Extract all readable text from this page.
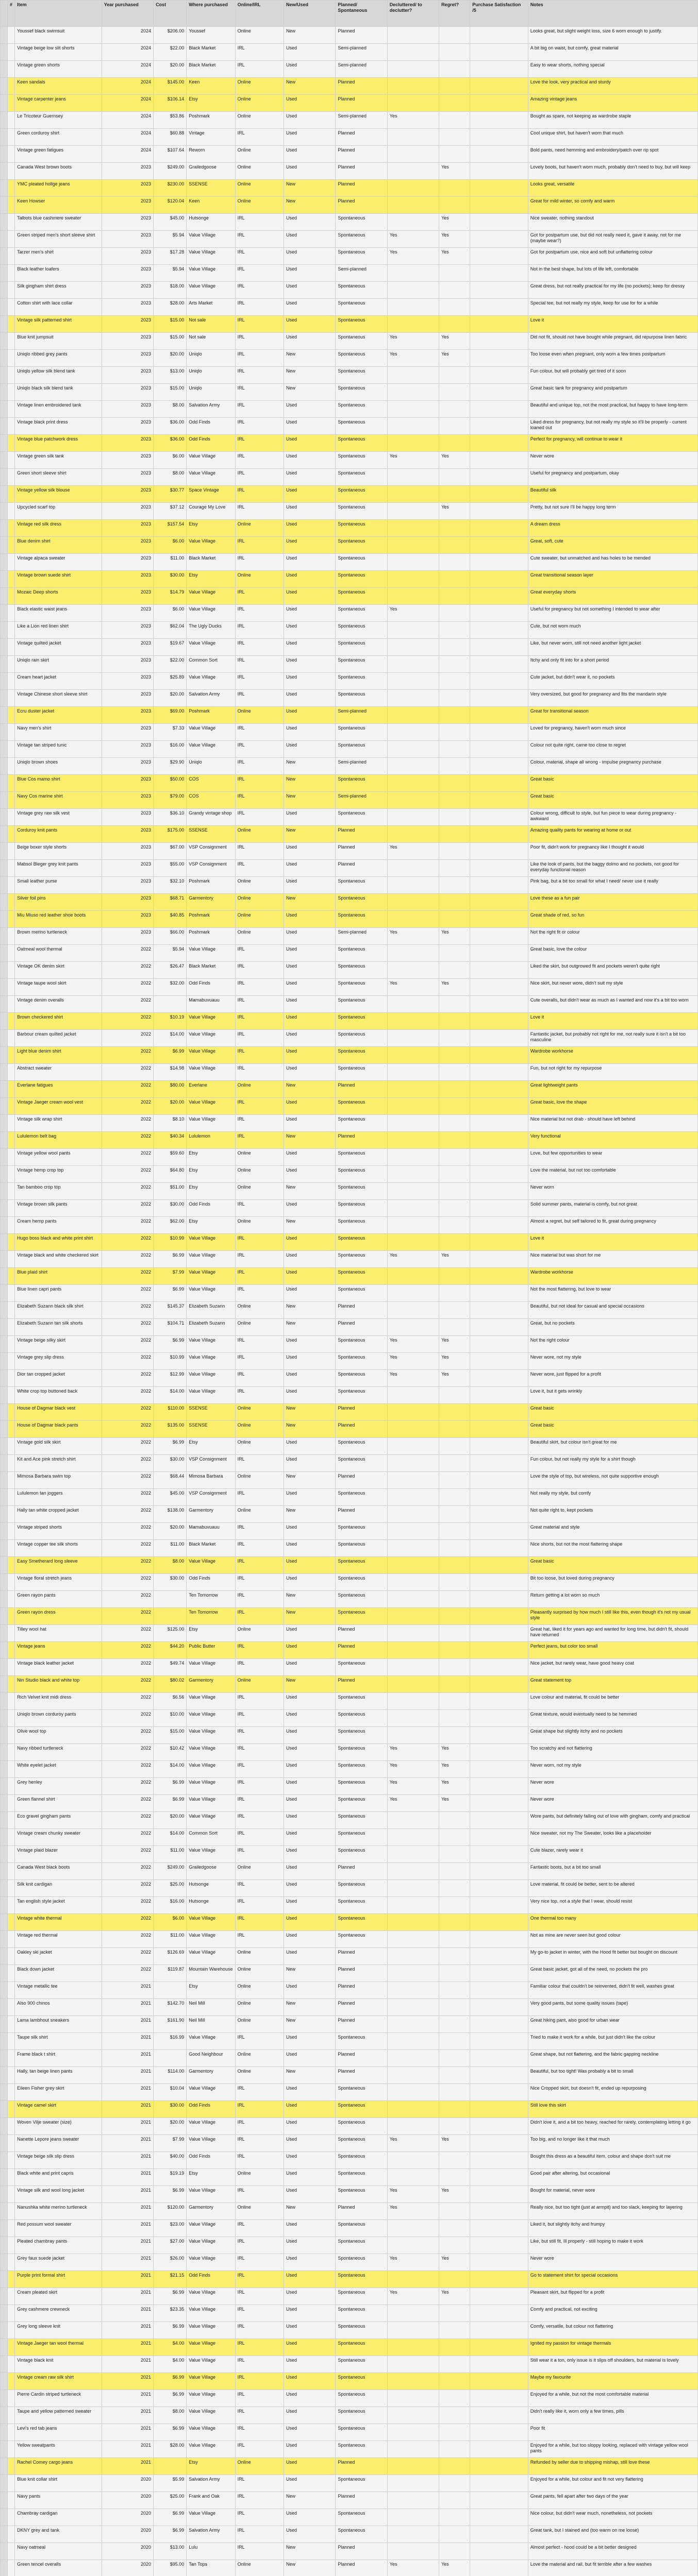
	#	Item	Year purchased	Cost	Where purchased	Online/IRL	New/Used	Planned/ Spontaneous	Decluttered/ to declutter?	Regret?	Purchase Satisfaction /5	Notes
		Youssef black swimsuit	2024	$206.00	Youssef	Online	New	Planned				Looks great, but slight weight loss, size 6 worn enough to justify.
		Vintage beige low slit shorts	2024	$22.00	Black Market	IRL	Used	Semi-planned				A bit big on waist, but comfy, great material
		Vintage green shorts	2024	$20.00	Black Market	IRL	Used	Semi-planned				Easy to wear shorts, nothing special
		Keen sandals	2024	$145.00	Keen	Online	New	Planned				Love the look, very practical and sturdy
		Vintage carpenter jeans	2024	$106.14	Etsy	Online	Used	Planned				Amazing vintage jeans
		Le Tricoteur Guernsey	2024	$53.86	Poshmark	Online	Used	Semi-planned	Yes			Bought as spare, not keeping as wardrobe staple
		Green corduroy shirt	2024	$60.88	Vintage	IRL	Used	Planned				Cool unique shirt, but haven't worn that much
		Vintage green fatigues	2024	$107.64	Reworn	Online	Used	Planned				Bold pants, need hemming and embroidery/patch over rip spot
		Canada West brown boots	2023	$249.00	Grailedgoose	Online	Used	Planned		Yes		Lovely boots, but haven't worn much, probably don't need to buy, but will keep
		YMC pleated hollge jeans	2023	$230.00	SSENSE	Online	New	Planned				Looks great, versatile
		Keen Howser	2023	$120.04	Keen	Online	New	Planned				Great for mild winter, so comfy and warm
		Talbots blue cashmere sweater	2023	$45.00	Hutsonge	IRL	Used	Spontaneous		Yes		Nice sweater, nothing standout
		Green striped men's short sleeve shirt	2023	$5.94	Value Village	IRL	Used	Spontaneous	Yes	Yes		Got for postpartum use, but did not really need it, gave it away, not for me (maybe wear?)
		Tarzer men's shirt	2023	$17.28	Value Village	IRL	Used	Spontaneous	Yes	Yes		Got for postpartum use, nice and soft but unflattering colour
		Black leather loafers	2023	$5.94	Value Village	IRL	Used	Semi-planned				Not in the best shape, but lots of life left, comfortable
		Silk gingham shirt dress	2023	$18.00	Value Village	IRL	Used	Spontaneous				Great dress, but not really practical for my life (no pockets); keep for dressy
		Cotton shirt with lace collar	2023	$28.00	Arts Market	IRL	Used	Spontaneous				Special tee, but not really my style, keep for use for for a while
		Vintage silk patterned shirt	2023	$15.00	Not sale	IRL	Used	Spontaneous				Love it
		Blue knit jumpsuit	2023	$15.00	Not sale	IRL	Used	Spontaneous	Yes	Yes		Did not fit, should not have bought while pregnant, did repurpose linen fabric
		Uniqlo ribbed grey pants	2023	$20.00	Uniqlo	IRL	New	Spontaneous	Yes	Yes		Too loose even when pregnant, only worn a few times postpartum
		Uniqlo yellow silk blend tank	2023	$13.00	Uniqlo	IRL	New	Spontaneous				Fun colour, but will probably get tired of it soon
		Uniqlo black silk blend tank	2023	$15.00	Uniqlo	IRL	New	Spontaneous				Great basic tank for pregnancy and postpartum
		Vintage linen embroidered tank	2023	$8.00	Salvation Army	IRL	Used	Spontaneous				Beautiful and unique top, not the most practical, but happy to have long-term
		Vintage black print dress	2023	$36.00	Odd Finds	IRL	Used	Spontaneous				Liked dress for pregnancy, but not really my style so it'll be properly - current loaned out
		Vintage blue patchwork dress	2023	$36.00	Odd Finds	IRL	Used	Spontaneous				Perfect for pregnancy, will continue to wear it
		Vintage green silk tank	2023	$6.00	Value Village	IRL	Used	Spontaneous	Yes	Yes		Never wore
		Green short sleeve shirt	2023	$8.00	Value Village	IRL	Used	Spontaneous				Useful for pregnancy and postpartum, okay
		Vintage yellow silk blouse	2023	$30.77	Space Vintage	IRL	Used	Spontaneous				Beautiful silk
		Upcycled scarf top	2023	$37.12	Courage My Love	IRL	Used	Spontaneous		Yes		Pretty, but not sure I'll be happy long term
		Vintage red silk dress	2023	$157.54	Etsy	Online	Used	Spontaneous				A dream dress
		Blue denim shirt	2023	$6.00	Value Village	IRL	Used	Spontaneous				Great, soft, cute
		Vintage alpaca sweater	2023	$11.00	Black Market	IRL	Used	Spontaneous				Cute sweater, but unmatched and has holes to be mended
		Vintage brown suede shirt	2023	$30.00	Etsy	Online	Used	Spontaneous				Great transitional season layer
		Mozaic Deep shorts	2023	$14.79	Value Village	IRL	Used	Spontaneous				Great everyday shorts
		Black elastic waist jeans	2023	$6.00	Value Village	IRL	Used	Spontaneous	Yes			Useful for pregnancy but not something I intended to wear after
		Like a Lion red linen shirt	2023	$62.04	The Ugly Ducks	IRL	Used	Spontaneous				Cute, but not worn much
		Vintage quilted jacket	2023	$19.67	Value Village	IRL	Used	Spontaneous				Like, but never worn, still not need another light jacket
		Uniqlo rain skirt	2023	$22.00	Common Sort	IRL	Used	Spontaneous				Itchy and only fit into for a short period
		Cream heart jacket	2023	$25.89	Value Village	IRL	Used	Spontaneous				Cute jacket, but didn't wear it, no pockets
		Vintage Chinese short sleeve shirt	2023	$20.00	Salvation Army	IRL	Used	Spontaneous				Very oversized, but good for pregnancy and fits the mandarin style
		Ecru duster jacket	2023	$69.00	Poshmark	Online	Used	Semi-planned				Great for transitional season
		Navy men's shirt	2023	$7.33	Value Village	IRL	Used	Spontaneous				Loved for pregnancy, haven't worn much since
		Vintage tan striped tunic	2023	$16.00	Value Village	IRL	Used	Spontaneous				Colour not quite right, came too close to regret
		Uniqlo brown shoes	2023	$29.90	Uniqlo	IRL	New	Semi-planned				Colour, material, shape all wrong - impulse pregnancy purchase
		Blue Cos mamo shirt	2023	$50.00	COS	IRL	New	Spontaneous				Great basic
		Navy Cos marine shirt	2023	$79.00	COS	IRL	New	Semi-planned				Great basic
		Vintage grey raw silk vest	2023	$36.10	Grandy vintage shop	IRL	Used	Spontaneous				Colour wrong, difficult to style, but fun piece to wear during pregnancy - awkward
		Corduroy knit pants	2023	$175.00	SSENSE	Online	New	Planned				Amazing quality pants for wearing at home or out
		Beige boxer style shorts	2023	$67.00	VSP Consignment	IRL	Used	Planned	Yes			Poor fit, didn't work for pregnancy like I thought it would
		Mabsol Bleger grey knit pants	2023	$55.00	VSP Consignment	IRL	Used	Planned				Like the look of pants, but the baggy dolmo and no pockets, not good for everyday functional reason
		Small leather purse	2023	$32.10	Poshmark	Online	Used	Spontaneous				Pink bag, but a bit too small for what I need/ never use it really
		Silver foil pins	2023	$68.71	Garmentory	Online	New	Spontaneous				Love these as a fun pair
		Miu Miuso red leather shoe boots	2023	$40.85	Poshmark	Online	Used	Spontaneous				Great shade of red, so fun
		Brown merino turtleneck	2023	$66.00	Poshmark	Online	Used	Semi-planned	Yes	Yes		Not the right fit or colour
		Oatmeal wool thermal	2022	$5.94	Value Village	IRL	Used	Spontaneous				Great basic, love the colour
		Vintage OK denim skirt	2022	$26.47	Black Market	IRL	Used	Spontaneous				Liked the skirt, but outgrowed fit and pockets weren't quite right
		Vintage taupe wool skirt	2022	$32.00	Odd Finds	IRL	Used	Spontaneous	Yes	Yes		Nice skirt, but never wore, didn't suit my style
		Vintage denim overalls	2022		Mamabuvuauu	IRL	Used	Spontaneous				Cute overalls, but didn't wear as much as I wanted and now it's a bit too worn
		Brown checkered shirt	2022	$10.19	Value Village	IRL	Used	Spontaneous				Love it
		Barbour cream quilted jacket	2022	$14.00	Value Village	IRL	Used	Spontaneous				Fantastic jacket, but probably not right for me, not really sure it isn't a bit too masculine
		Light blue denim shirt	2022	$6.99	Value Village	IRL	Used	Spontaneous				Wardrobe workhorse
		Abstract sweater	2022	$14.98	Value Village	IRL	Used	Spontaneous				Fun, but not right for my repurpose
		Everlane fatigues	2022	$80.00	Everlane	Online	New	Planned				Great lightweight pants
		Vintage Jaeger cream wool vest	2022	$20.00	Value Village	IRL	Used	Spontaneous				Great basic, love the shape
		Vintage silk wrap shirt	2022	$8.10	Value Village	IRL	Used	Spontaneous				Nice material but not drab - should have left behind
		Lululemon belt bag	2022	$40.34	Lululemon	IRL	New	Planned				Very functional
		Vintage yellow wool pants	2022	$59.60	Etsy	Online	Used	Spontaneous				Love, but few opportunities to wear
		Vintage hemp crop top	2022	$64.80	Etsy	Online	Used	Spontaneous				Love the material, but not too comfortable
		Tan bamboo crop top	2022	$51.00	Etsy	Online	New	Spontaneous				Never worn
		Vintage brown silk pants	2022	$30.00	Odd Finds	IRL	Used	Spontaneous				Solid summer pants, material is comfy, but not great
		Cream hemp pants	2022	$62.00	Etsy	Online	New	Spontaneous				Almost a regret, but self tailored to fit, great during pregnancy
		Hugo boss black and white print shirt	2022	$10.99	Value Village	IRL	Used	Spontaneous				Love it
		Vintage black and white checkered skirt	2022	$6.99	Value Village	IRL	Used	Spontaneous	Yes	Yes		Nice material but was short for me
		Blue plaid shirt	2022	$7.99	Value Village	IRL	Used	Spontaneous				Wardrobe workhorse
		Blue linen capri pants	2022	$6.99	Value Village	IRL	Used	Spontaneous				Not the most flattering, but love to wear
		Elizabeth Suzann black silk shirt	2022	$145.37	Elizabeth Suzann	Online	New	Planned				Beautiful, but not ideal for casual and special occasions
		Elizabeth Suzann tan silk shorts	2022	$104.71	Elizabeth Suzann	Online	New	Planned				Great, but no pockets
		Vintage beige silky skirt	2022	$6.99	Value Village	IRL	Used	Spontaneous	Yes	Yes		Not the right colour
		Vintage grey slip dress	2022	$10.99	Value Village	IRL	Used	Spontaneous	Yes	Yes		Never wore, not my style
		Dior tan cropped jacket	2022	$12.99	Value Village	IRL	Used	Spontaneous	Yes	Yes		Never wore, just flipped for a profit
		White crop top buttoned back	2022	$14.00	Value Village	IRL	Used	Spontaneous				Love it, but it gets wrinkly
		House of Dagmar black vest	2022	$110.00	SSENSE	Online	New	Planned				Great basic
		House of Dagmar black pants	2022	$135.00	SSENSE	Online	New	Planned				Great basic
		Vintage gold silk skirt	2022	$6.99	Etsy	Online	Used	Spontaneous				Beautiful skirt, but colour isn't great for me
		Kit and Ace pink stretch shirt	2022	$30.00	VSP Consignment	IRL	Used	Spontaneous				Fun colour, but not really my style for a shirt though
		Mimosa Barbara swim top	2022	$68.44	Mimosa Barbara	Online	New	Planned				Love the style of top, but wireless, not quite supportive enough
		Lululemon tan joggers	2022	$45.00	VSP Consignment	IRL	Used	Spontaneous				Not really my style, but comfy
		Hally tan white cropped jacket	2022	$138.00	Garmentory	Online	New	Planned				Not quite right to, kept pockets
		Vintage striped shorts	2022	$20.00	Mamabuvuauu	IRL	Used	Spontaneous				Great material and style
		Vintage copper tee silk shorts	2022	$11.00	Black Market	IRL	Used	Spontaneous				Nice shorts, but not the most flattering shape
		Easy Smetherard long sleeve	2022	$8.00	Value Village	IRL	Used	Spontaneous				Great basic
		Vintage floral stretch jeans	2022	$30.00	Odd Finds	IRL	Used	Spontaneous				Bit too loose, but loved during pregnancy
		Green rayon pants	2022		Ten Tomorrow	IRL	New	Spontaneous				Return getting a lot worn so much
		Green rayon dress	2022		Ten Tomorrow	IRL	New	Spontaneous				Pleasantly surprised by how much I still like this, even though it's not my usual style
		Tilley wool hat	2022	$125.00	Etsy	Online	Used	Planned				Great hat, liked it for years ago and wanted for long time, but didn't fit, should have returned
		Vintage jeans	2022	$44.20	Public Butter	IRL	Used	Planned				Perfect jeans, but color too small
		Vintage black leather jacket	2022	$49.74	Value Village	IRL	Used	Spontaneous				Nice jacket, but rarely wear, have good heavy coat
		Nin Studio black and white top	2022	$80.02	Garmentory	Online	New	Planned				Great statement top
		Rich Velvet knit midi dress	2022	$6.56	Value Village	IRL	Used	Spontaneous				Love colour and material, fit could be better
		Uniqlo brown corduroy pants	2022	$10.00	Value Village	IRL	Used	Spontaneous				Great texture, would eventually need to be hemmed
		Olive wool top	2022	$15.00	Value Village	IRL	Used	Spontaneous				Great shape but slightly itchy and no pockets
		Navy ribbed turtleneck	2022	$10.42	Value Village	IRL	Used	Spontaneous	Yes	Yes		Too scratchy and not flattering
		White eyelet jacket	2022	$14.00	Value Village	IRL	Used	Spontaneous	Yes	Yes		Never worn, not my style
		Grey henley	2022	$6.99	Value Village	IRL	Used	Spontaneous	Yes	Yes		Never wore
		Green flannel shirt	2022	$6.99	Value Village	IRL	Used	Spontaneous	Yes	Yes		Never wore
		Eco gravel gingham pants	2022	$20.00	Value Village	IRL	Used	Spontaneous				Wore pants, but definitely falling out of love with gingham, comfy and practical
		Vintage cream chunky sweater	2022	$14.00	Common Sort	IRL	Used	Spontaneous				Nice sweater, not my The Sweater, looks like a placeholder
		Vintage plaid blazer	2022	$11.00	Value Village	IRL	Used	Spontaneous				Cute blazer, rarely wear it
		Canada West black boots	2022	$249.00	Grailedgoose	Online	Used	Planned				Fantastic boots, but a bit too small
		Silk knit cardigan	2022	$25.00	Hutsonge	IRL	Used	Spontaneous				Love material, fit could be better, sent to be altered
		Tan english style jacket	2022	$16.00	Hutsonge	IRL	Used	Spontaneous				Very nice top, not a style that I wear, should resist
		Vintage white thermal	2022	$6.00	Value Village	IRL	Used	Spontaneous				One thermal too many
		Vintage red thermal	2022	$11.00	Value Village	IRL	Used	Spontaneous				Not as mine are never seen but good colour
		Oakley ski jacket	2022	$126.69	Value Village	Online	Used	Planned				My go-to jacket in winter, with the Hood fit better but bought on discount
		Black down jacket	2022	$119.87	Mountain Warehouse	Online	New	Planned				Great basic jacket, got all of the need, no pockets the pro
		Vintage metallic tee	2021		Etsy	Online	Used	Planned				Familiar colour that couldn't be reinvented, didn't fit well, washes great
		Also 900 chinos	2021	$142.70	Neil Mill	Online	New	Planned				Very good pants, but some quality issues (tape)
		Lama lambhout sneakers	2021	$161.90	Neil Mill	Online	New	Planned				Great hiking pant, also good for urban wear
		Taupe silk shirt	2021	$16.99	Value Village	IRL	Used	Spontaneous				Tried to make it work for a while, but just didn't like the colour
		Frame black t shirt	2021		Good Neighbour	Online	Used	Planned				Great shape, but not flattering, and the fabric gapping neckline
		Hally, tan beige linen pants	2021	$114.00	Garmentory	Online	New	Planned				Beautiful, but too tight! Was probably a bit to small
		Eileen Fisher grey skirt	2021	$10.04	Value Village	IRL	Used	Spontaneous				Nice Cropped skirt, but doesn't fit, ended up repurposing
		Vintage camel skirt	2021	$30.00	Odd Finds	IRL	Used	Spontaneous				Still love this skirt
		Woven Vilje sweater (size)	2021	$20.00	Value Village	IRL	Used	Spontaneous				Didn't love it, and a bit too heavy, reached for rarely, contemplating letting it go
		Nanette Lepore jeans sweater	2021	$7.99	Value Village	IRL	Used	Spontaneous	Yes	Yes		Too big, and no longer like it that much
		Vintage beige silk slip dress	2021	$40.00	Odd Finds	IRL	Used	Spontaneous				Bought this dress as a beautiful item, colour and shape don't suit me
		Black white and print capris	2021	$19.19	Etsy	Online	Used	Spontaneous				Good pair after altering, but occasional
		Vintage silk and wool long jacket	2021	$6.99	Value Village	IRL	Used	Spontaneous	Yes	Yes		Bought for material, never wore
		Nanushka white merino turtleneck	2021	$120.00	Garmentory	Online	New	Planned	Yes			Really nice, but too tight (just at armpit) and too slack, keeping for layering
		Red possum wool sweater	2021	$23.00	Value Village	IRL	Used	Spontaneous				Liked it, but slightly itchy and frumpy
		Pleated chambray pants	2021	$27.00	Value Village	IRL	Used	Spontaneous				Like, but still fit, Ill properly - still hoping to make it work
		Grey faux suede jacket	2021	$26.00	Value Village	IRL	Used	Spontaneous	Yes	Yes		Never wore
		Purple print formal shirt	2021	$21.15	Odd Finds	IRL	Used	Spontaneous				Go to statement shirt for special occasions
		Cream pleated skirt	2021	$6.99	Value Village	IRL	Used	Spontaneous	Yes	Yes		Pleasant skirt, but flipped for a profit
		Grey cashmere crewneck	2021	$23.35	Value Village	IRL	Used	Spontaneous				Comfy and practical, not exciting
		Grey long sleeve knit	2021	$6.99	Value Village	IRL	Used	Spontaneous				Comfy, versatile, but colour not flattering
		Vintage Jaeger tan wool thermal	2021	$4.00	Value Village	IRL	Used	Spontaneous				Ignited my passion for vintage thermals
		Vintage black knit	2021	$4.00	Value Village	IRL	Used	Spontaneous				Still wear it a ton, only issue is it slips off shoulders, but material is lovely
		Vintage cream raw silk shirt	2021	$6.99	Value Village	IRL	Used	Spontaneous				Maybe my favourite
		Pierre Cardin striped turtleneck	2021	$6.99	Value Village	IRL	Used	Spontaneous				Enjoyed for a while, but not the most comfortable material
		Taupe and yellow patterned sweater	2021	$8.00	Value Village	IRL	Used	Spontaneous				Didn't really like it, worn only a few times, pills
		Levi's red tab jeans	2021	$6.99	Value Village	IRL	Used	Spontaneous				Poor fit
		Yellow sweatpants	2021	$28.00	Value Village	IRL	Used	Spontaneous				Enjoyed for a while, but too sloppy looking, replaced with vintage yellow wool pants
		Rachel Comey cargo jeans	2021		Etsy	Online	Used	Planned				Refunded by seller due to shipping mishap, still love these
		Blue knit collar shirt	2020	$5.99	Salvation Army	IRL	Used	Spontaneous				Enjoyed for a while, but colour and fit not very flattering
		Navy pants	2020	$25.00	Frank and Oak	IRL	New	Planned				Great pants, fell apart after two days of the year
		Chambray cardigan	2020	$6.99	Value Village	IRL	Used	Spontaneous				Nice colour, but didn't wear much, nonetheless, not pockets
		DKNY grey and tank	2020	$6.99	Salvation Army	IRL	Used	Spontaneous				Great tank, but I stained and (too warm on me loose)
		Navy oatmeal	2020	$13.00	Lulu	IRL	New	Planned				Almost perfect - hood could be a bit better designed
		Green tencel overalls	2020	$95.00	Tan Tops	Online	New	Planned	Yes	Yes		Love the material and rail, but fit terrible after a few washes
